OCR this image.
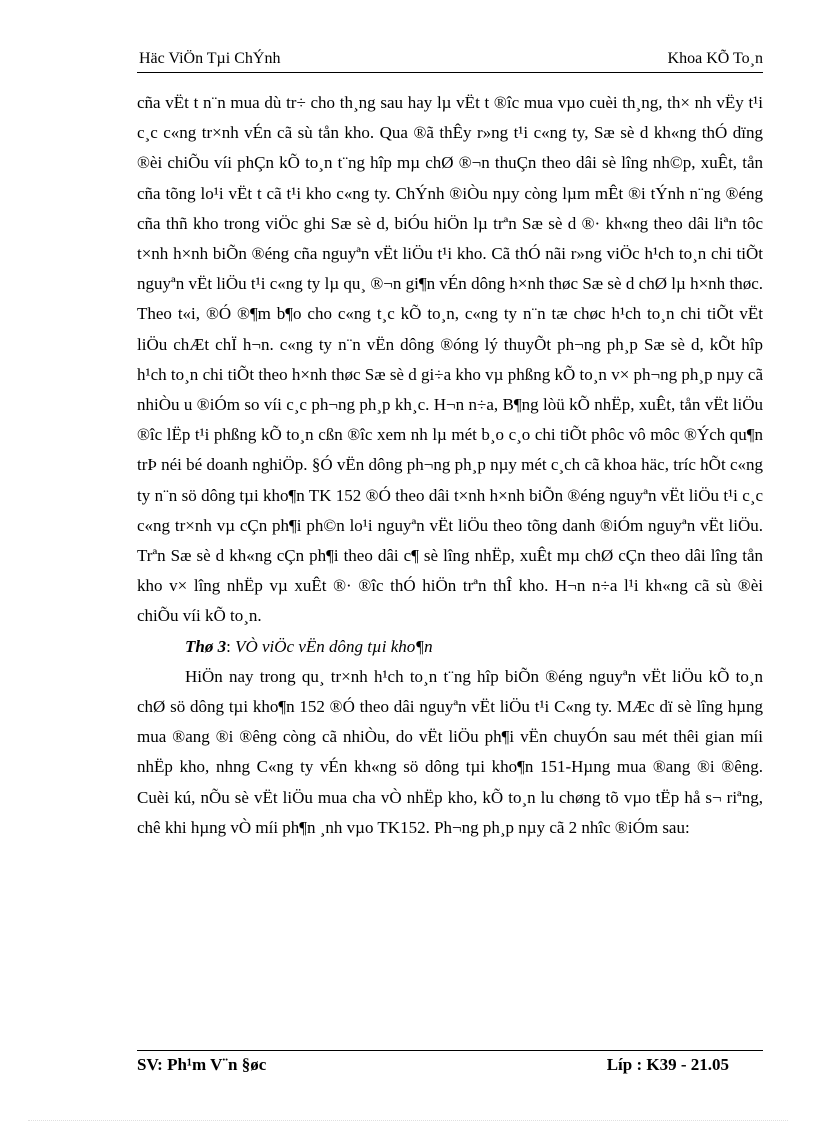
Häc ViÖn Tµi ChÝnh	Khoa KÕ To¸n

cña vËt t n¨n mua dù tr÷ cho th¸ng sau hay lµ vËt t ®îc mua vµo cuèi th¸ng, th× nh vËy t¹i c¸c c«ng tr×nh vÉn cã sù tån kho. Qua ®ã thÊy r»ng t¹i c«ng ty, Sæ sè d kh«ng thÓ dïng ®èi chiÕu víi phÇn kÕ to¸n t¨ng hîp mµ chØ ®¬n thuÇn theo dâi sè lîng nh©p, xuÊt, tån cña tõng lo¹i vËt t cã t¹i kho c«ng ty. ChÝnh ®iÒu nµy còng lµm mÊt ®i tÝnh n¨ng ®éng cña thñ kho trong viÖc ghi Sæ sè d, biÓu hiÖn lµ trªn Sæ sè d ®· kh«ng theo dâi liªn tôc t×nh h×nh biÕn ®éng cña nguyªn vËt liÖu t¹i kho. Cã thÓ nãi r»ng viÖc h¹ch to¸n chi tiÕt nguyªn vËt liÖu t¹i c«ng ty lµ qu¸ ®¬n gi¶n vÉn dông h×nh thøc Sæ sè d chØ lµ h×nh thøc. Theo t«i, ®Ó ®¶m b¶o cho c«ng t¸c kÕ to¸n, c«ng ty n¨n tæ chøc h¹ch to¸n chi tiÕt vËt liÖu chÆt chÏ h¬n. c«ng ty n¨n vËn dông ®óng lý thuyÕt ph¬ng ph¸p Sæ sè d, kÕt hîp h¹ch to¸n chi tiÕt theo h×nh thøc Sæ sè d gi÷a kho vµ phßng kÕ to¸n v× ph¬ng ph¸p nµy cã nhiÒu u ®iÓm so víi c¸c ph¬ng ph¸p kh¸c. H¬n n÷a, B¶ng lòü kÕ nhËp, xuÊt, tån vËt liÖu ®îc lËp t¹i phßng kÕ to¸n cßn ®îc xem nh lµ mét b¸o c¸o chi tiÕt phôc vô môc ®Ých qu¶n trÞ néi bé doanh nghiÖp. §Ó vËn dông ph¬ng ph¸p nµy mét c¸ch cã khoa häc, tríc hÕt c«ng ty n¨n sö dông tµi kho¶n TK 152 ®Ó theo dâi t×nh h×nh biÕn ®éng nguyªn vËt liÖu t¹i c¸c c«ng tr×nh vµ cÇn ph¶i ph©n lo¹i nguyªn vËt liÖu theo tõng danh ®iÓm nguyªn vËt liÖu. Trªn Sæ sè d kh«ng cÇn ph¶i theo dâi c¶ sè lîng nhËp, xuÊt mµ chØ cÇn theo dâi lîng tån kho v× lîng nhËp vµ xuÊt ®· ®îc thÓ hiÖn trªn thÎ kho. H¬n n÷a l¹i kh«ng cã sù ®èi chiÕu víi kÕ to¸n.

Thø 3: VÒ viÖc vËn dông tµi kho¶n

HiÖn nay trong qu¸ tr×nh h¹ch to¸n t¨ng hîp biÕn ®éng nguyªn vËt liÖu kÕ to¸n chØ sö dông tµi kho¶n 152 ®Ó theo dâi nguyªn vËt liÖu t¹i C«ng ty. MÆc dï sè lîng hµng mua ®ang ®i ®êng còng cã nhiÒu, do vËt liÖu ph¶i vËn chuyÓn sau mét thêi gian míi nhËp kho, nhng C«ng ty vÉn kh«ng sö dông tµi kho¶n 151-Hµng mua ®ang ®i ®êng. Cuèi kú, nÕu sè vËt liÖu mua cha vÒ nhËp kho, kÕ to¸n lu chøng tõ vµo tËp hå s¬ riªng, chê khi hµng vÒ míi ph¶n ¸nh vµo TK152. Ph¬ng ph¸p nµy cã 2 nhîc ®iÓm sau:

SV: Ph¹m V¨n §øc	Líp : K39 - 21.05
